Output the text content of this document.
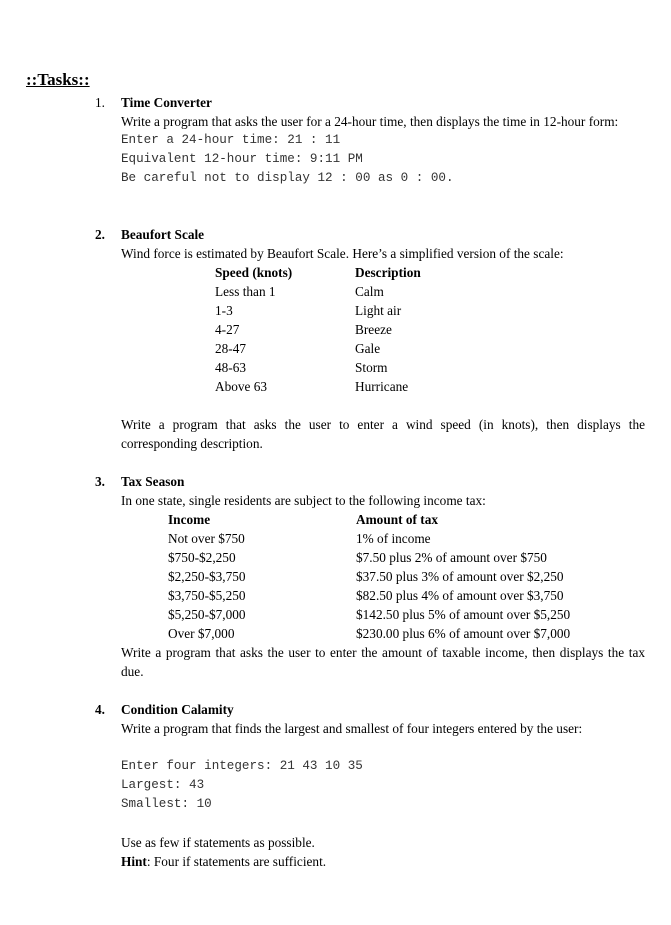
::Tasks::
1.	Time Converter
Write a program that asks the user for a 24-hour time, then displays the time in 12-hour form:
Enter a 24-hour time: 21 : 11
Equivalent 12-hour time: 9:11 PM
Be careful not to display 12 : 00 as 0 : 00.
2.	Beaufort Scale
Wind force is estimated by Beaufort Scale. Here’s a simplified version of the scale:
Speed (knots)	Description
Less than 1	Calm
1-3	Light air
4-27	Breeze
28-47	Gale
48-63	Storm
Above 63	Hurricane
Write a program that asks the user to enter a wind speed (in knots), then displays the corresponding description.
3.	Tax Season
In one state, single residents are subject to the following income tax:
Income	Amount of tax
Not over $750	1% of income
$750-$2,250	$7.50 plus 2% of amount over $750
$2,250-$3,750	$37.50 plus 3% of amount over $2,250
$3,750-$5,250	$82.50 plus 4% of amount over $3,750
$5,250-$7,000	$142.50 plus 5% of amount over $5,250
Over $7,000	$230.00 plus 6% of amount over $7,000
Write a program that asks the user to enter the amount of taxable income, then displays the tax due.
4.	Condition Calamity
Write a program that finds the largest and smallest of four integers entered by the user:
Enter four integers: 21 43 10 35
Largest: 43
Smallest: 10
Use as few if statements as possible.
Hint: Four if statements are sufficient.
